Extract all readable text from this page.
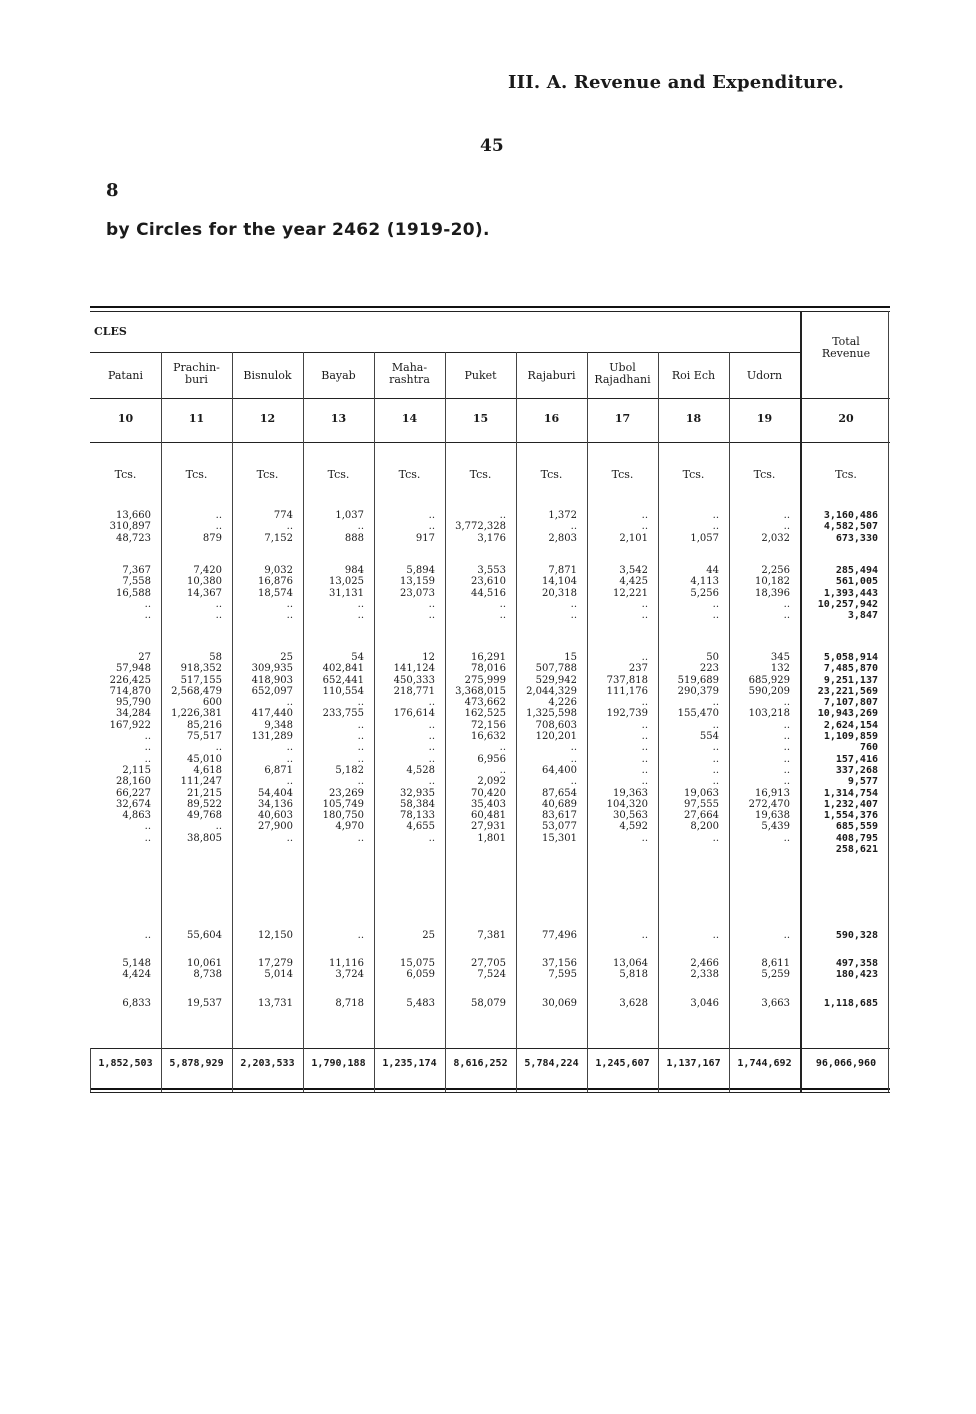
III. A. Revenue and Expenditure.
45
8
by Circles for the year 2462 (1919-20).
CLES
Total
Revenue
20
Tcs.
3,160,486
4,582,507
673,330
285,494
561,005
1,393,443
10,257,942
3,847
5,058,914
7,485,870
9,251,137
23,221,569
7,107,807
10,943,269
2,624,154
1,109,859
760
157,416
337,268
9,577
1,314,754
1,232,407
1,554,376
685,559
408,795
258,621
590,328
497,358
180,423
1,118,685
96,066,960
Patani
10
Tcs.
13,660
310,897
48,723
7,367
7,558
16,588
..
..
27
57,948
226,425
714,870
95,790
34,284
167,922
..
..
..
2,115
28,160
66,227
32,674
4,863
..
..
..
5,148
4,424
6,833
1,852,503
Prachin-
buri
11
Tcs.
..
..
879
7,420
10,380
14,367
..
..
58
918,352
517,155
2,568,479
600
1,226,381
85,216
75,517
..
45,010
4,618
111,247
21,215
89,522
49,768
..
38,805
55,604
10,061
8,738
19,537
5,878,929
Bisnulok
12
Tcs.
774
..
7,152
9,032
16,876
18,574
..
..
25
309,935
418,903
652,097
..
417,440
9,348
131,289
..
..
6,871
..
54,404
34,136
40,603
27,900
..
12,150
17,279
5,014
13,731
2,203,533
Bayab
13
Tcs.
1,037
..
888
984
13,025
31,131
..
..
54
402,841
652,441
110,554
..
233,755
..
..
..
..
5,182
..
23,269
105,749
180,750
4,970
..
..
11,116
3,724
8,718
1,790,188
Maha-
rashtra
14
Tcs.
..
..
917
5,894
13,159
23,073
..
..
12
141,124
450,333
218,771
..
176,614
..
..
..
..
4,528
..
32,935
58,384
78,133
4,655
..
25
15,075
6,059
5,483
1,235,174
Puket
15
Tcs.
..
3,772,328
3,176
3,553
23,610
44,516
..
..
16,291
78,016
275,999
3,368,015
473,662
162,525
72,156
16,632
..
6,956
..
2,092
70,420
35,403
60,481
27,931
1,801
7,381
27,705
7,524
58,079
8,616,252
Rajaburi
16
Tcs.
1,372
..
2,803
7,871
14,104
20,318
..
..
15
507,788
529,942
2,044,329
4,226
1,325,598
708,603
120,201
..
..
64,400
..
87,654
40,689
83,617
53,077
15,301
77,496
37,156
7,595
30,069
5,784,224
Ubol
Rajadhani
17
Tcs.
..
..
2,101
3,542
4,425
12,221
..
..
..
237
737,818
111,176
..
192,739
..
..
..
..
..
..
19,363
104,320
30,563
4,592
..
..
13,064
5,818
3,628
1,245,607
Roi Ech
18
Tcs.
..
..
1,057
44
4,113
5,256
..
..
50
223
519,689
290,379
..
155,470
..
554
..
..
..
..
19,063
97,555
27,664
8,200
..
..
2,466
2,338
3,046
1,137,167
Udorn
19
Tcs.
..
..
2,032
2,256
10,182
18,396
..
..
345
132
685,929
590,209
..
103,218
..
..
..
..
..
..
16,913
272,470
19,638
5,439
..
..
8,611
5,259
3,663
1,744,692
